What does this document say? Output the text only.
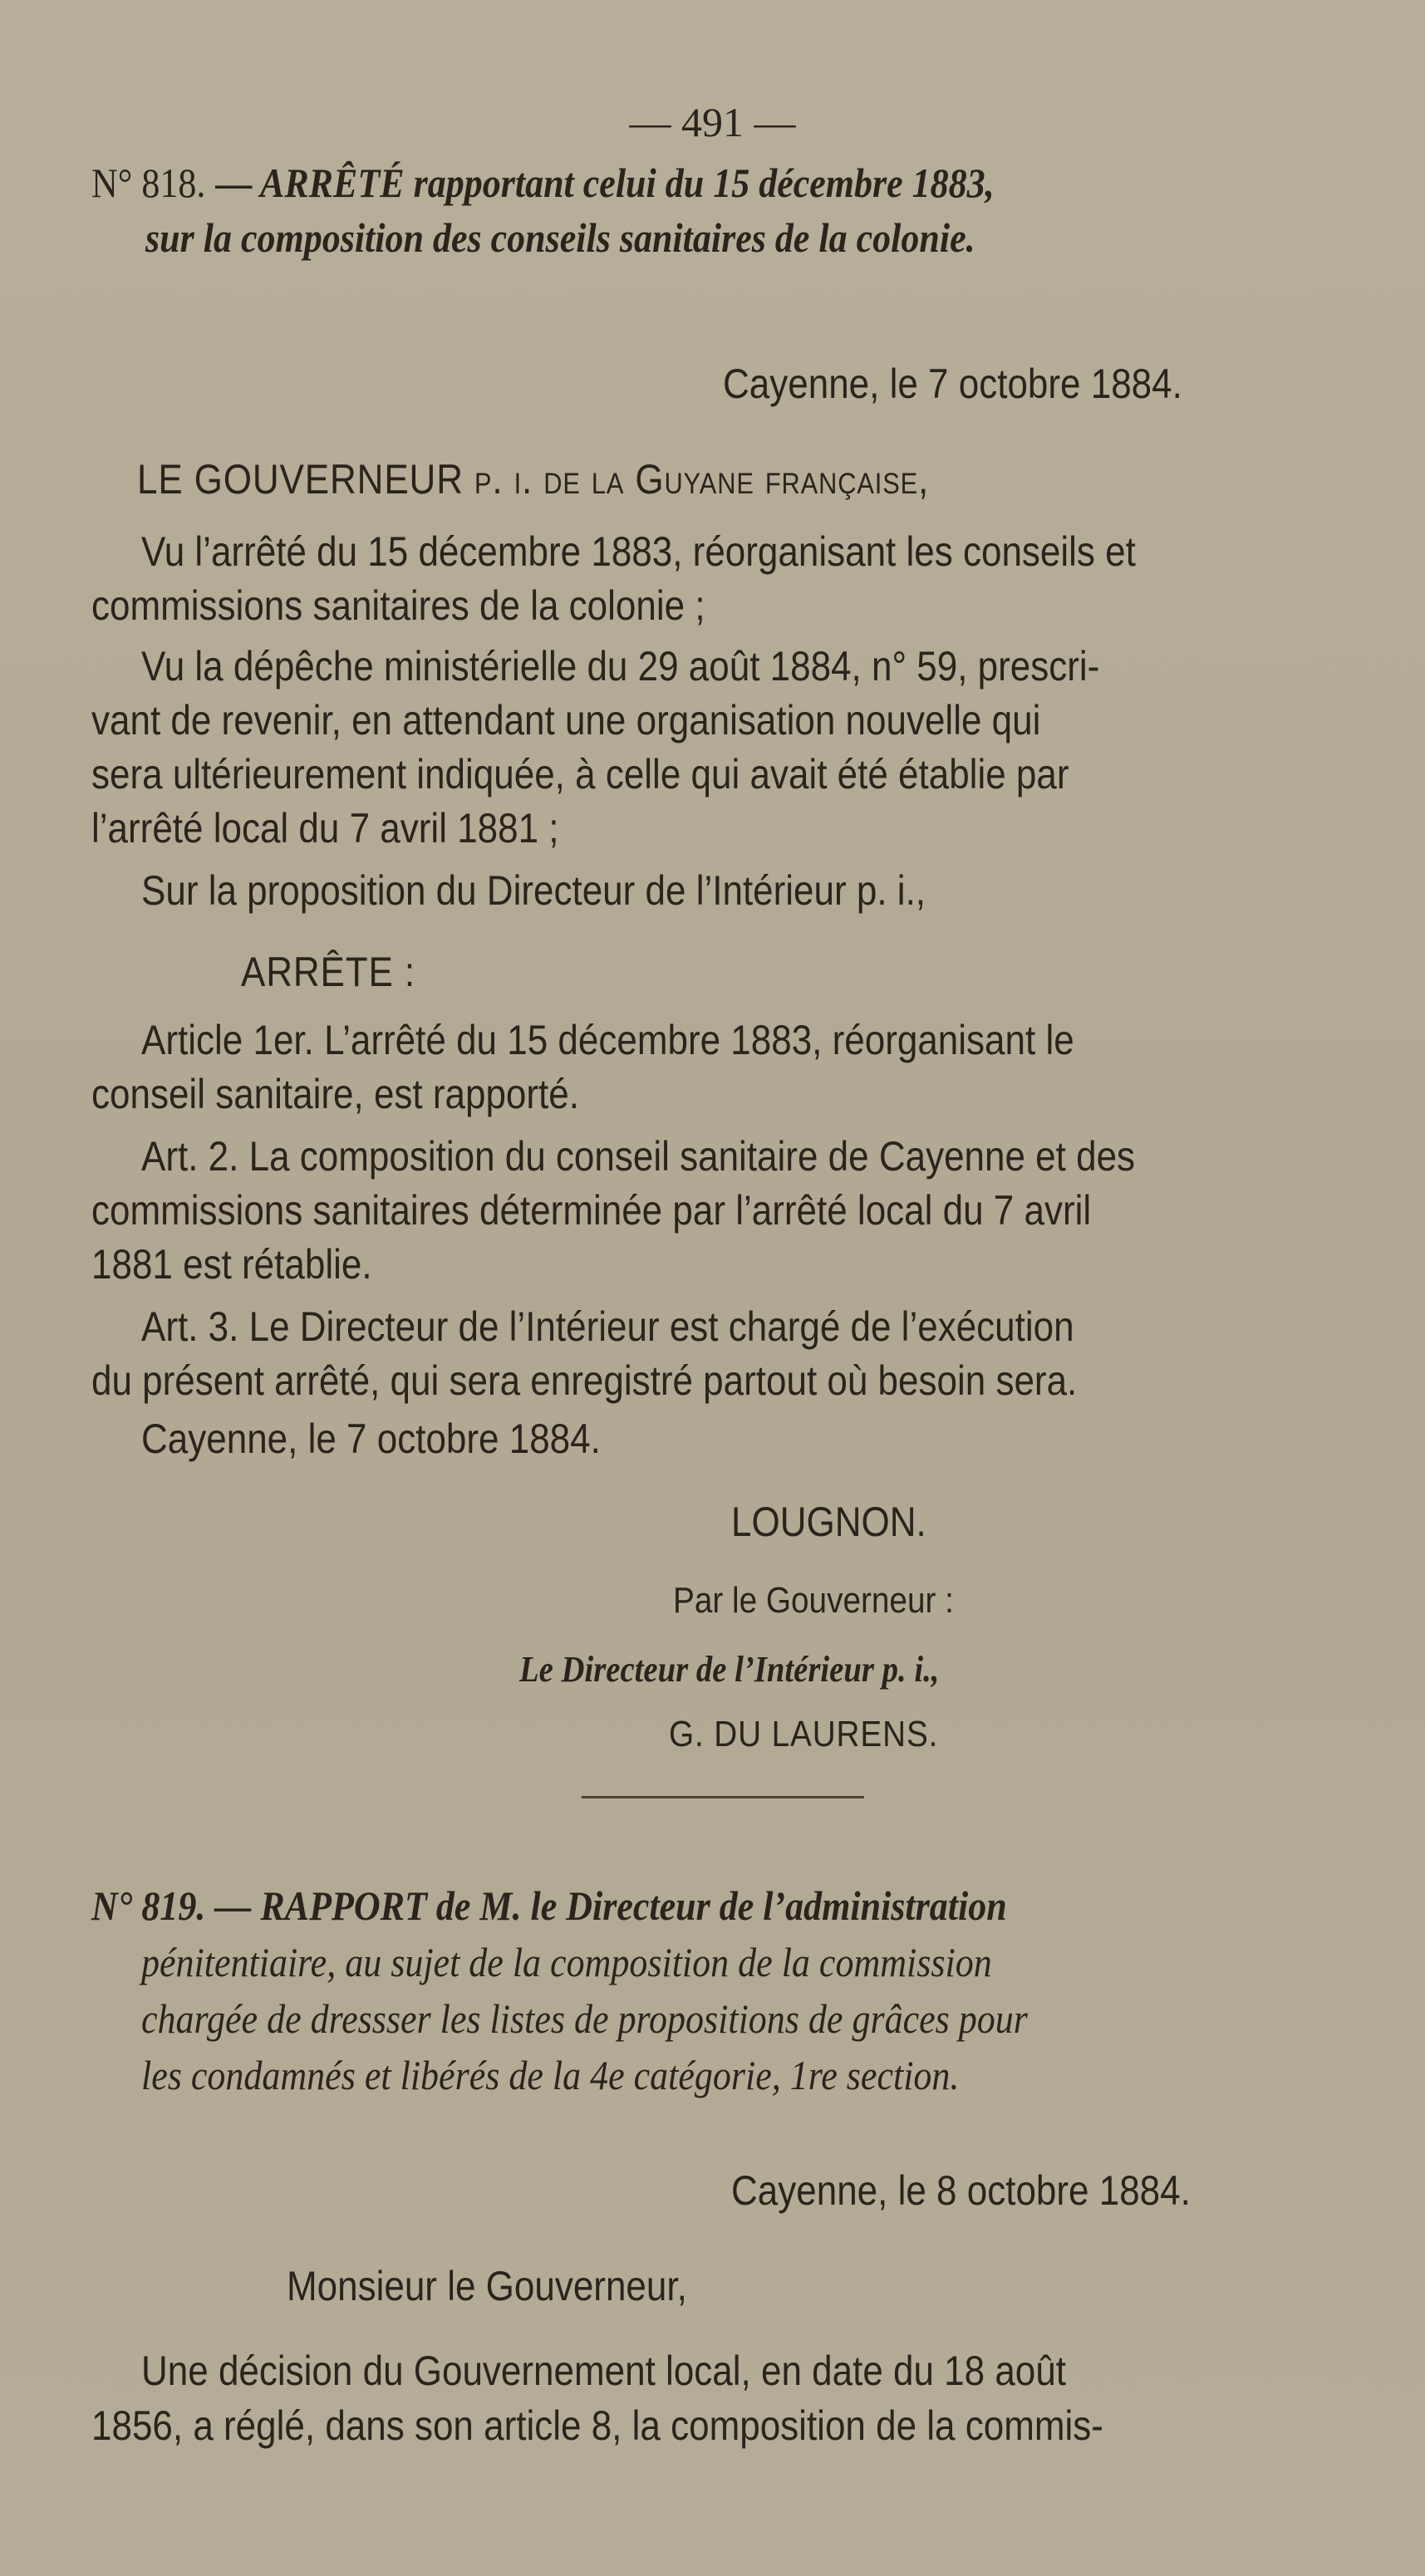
— 491 —
N° 818. — ARRÊTÉ rapportant celui du 15 décembre 1883,
sur la composition des conseils sanitaires de la colonie.
Cayenne, le 7 octobre 1884.
LE GOUVERNEUR p. i. de la Guyane française,
Vu l’arrêté du 15 décembre 1883, réorganisant les conseils et
commissions sanitaires de la colonie ;
Vu la dépêche ministérielle du 29 août 1884, n° 59, prescri-
vant de revenir, en attendant une organisation nouvelle qui
sera ultérieurement indiquée, à celle qui avait été établie par
l’arrêté local du 7 avril 1881 ;
Sur la proposition du Directeur de l’Intérieur p. i.,
ARRÊTE :
Article 1er. L’arrêté du 15 décembre 1883, réorganisant le
conseil sanitaire, est rapporté.
Art. 2. La composition du conseil sanitaire de Cayenne et des
commissions sanitaires déterminée par l’arrêté local du 7 avril
1881 est rétablie.
Art. 3. Le Directeur de l’Intérieur est chargé de l’exécution
du présent arrêté, qui sera enregistré partout où besoin sera.
Cayenne, le 7 octobre 1884.
LOUGNON.
Par le Gouverneur :
Le Directeur de l’Intérieur p. i.,
G. DU LAURENS.
N° 819. — RAPPORT de M. le Directeur de l’administration
pénitentiaire, au sujet de la composition de la commission
chargée de dressser les listes de propositions de grâces pour
les condamnés et libérés de la 4e catégorie, 1re section.
Cayenne, le 8 octobre 1884.
Monsieur le Gouverneur,
Une décision du Gouvernement local, en date du 18 août
1856, a réglé, dans son article 8, la composition de la commis-
